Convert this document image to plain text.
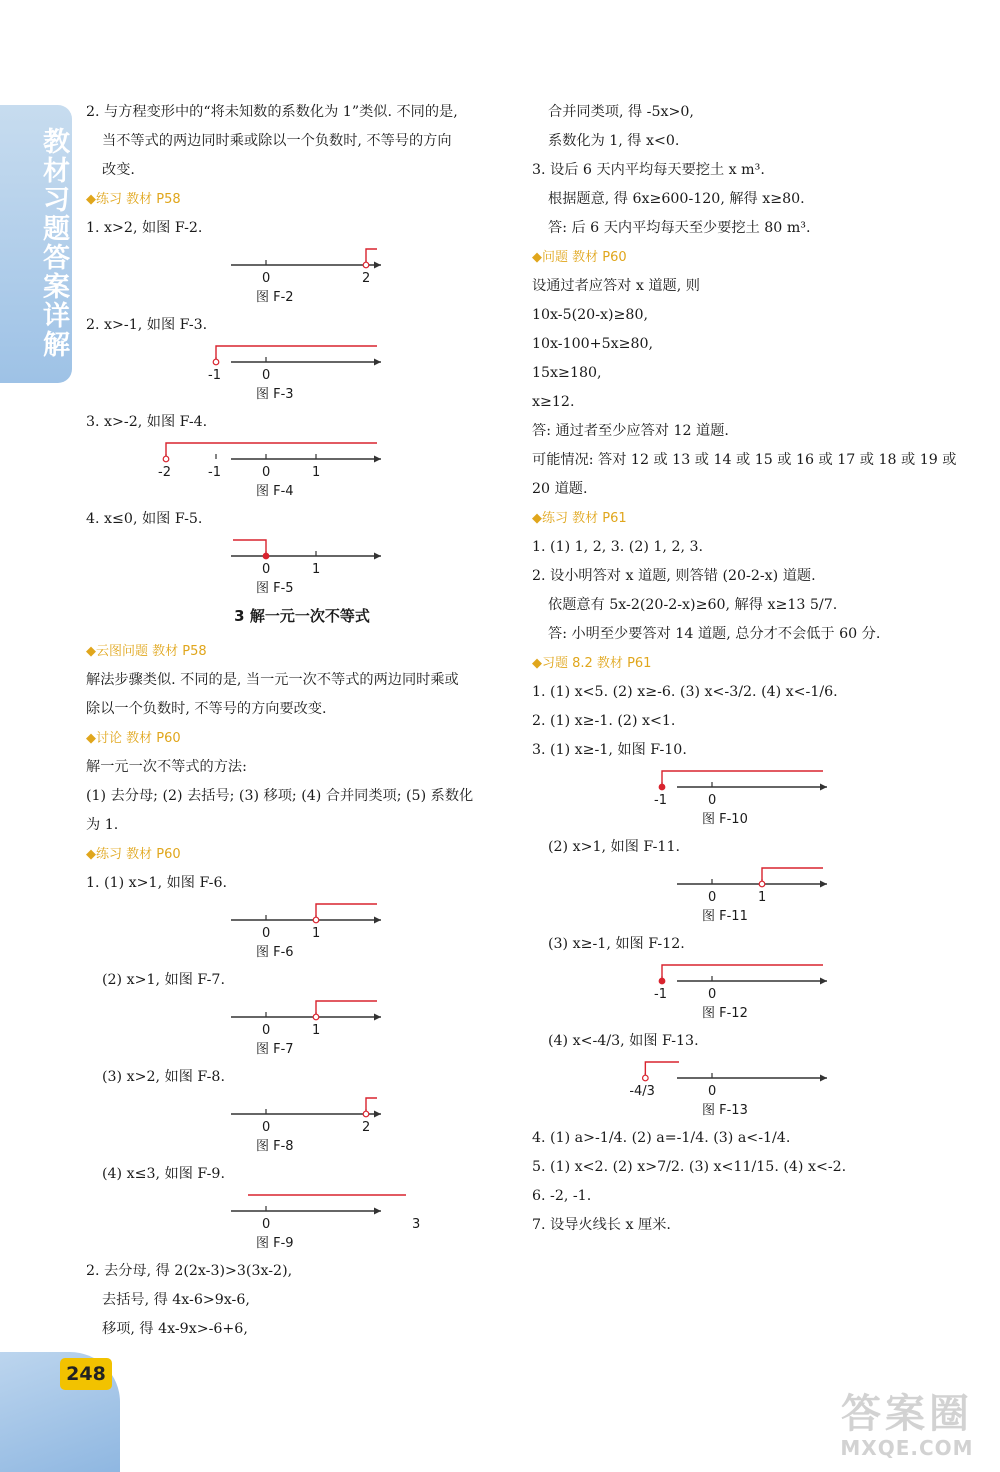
教材习题答案详解
248
答案圈
MXQE.COM
2. 与方程变形中的“将未知数的系数化为 1”类似. 不同的是,
当不等式的两边同时乘或除以一个负数时, 不等号的方向
改变.
◆练习 教材 P58
1. x>2, 如图 F-2.
0	2
图 F-2
2. x>-1, 如图 F-3.
-1	0
图 F-3
3. x>-2, 如图 F-4.
-2	-1	0	1
图 F-4
4. x≤0, 如图 F-5.
0	1
图 F-5
3 解一元一次不等式
◆云图问题 教材 P58
解法步骤类似. 不同的是, 当一元一次不等式的两边同时乘或
除以一个负数时, 不等号的方向要改变.
◆讨论 教材 P60
解一元一次不等式的方法:
(1) 去分母; (2) 去括号; (3) 移项; (4) 合并同类项; (5) 系数化
为 1.
◆练习 教材 P60
1. (1) x>1, 如图 F-6.
0	1
图 F-6
(2) x>1, 如图 F-7.
0	1
图 F-7
(3) x>2, 如图 F-8.
0	2
图 F-8
(4) x≤3, 如图 F-9.
0	3
图 F-9
2. 去分母, 得 2(2x-3)>3(3x-2),
去括号, 得 4x-6>9x-6,
移项, 得 4x-9x>-6+6,
合并同类项, 得 -5x>0,
系数化为 1, 得 x<0.
3. 设后 6 天内平均每天要挖土 x m³.
根据题意, 得 6x≥600-120, 解得 x≥80.
答: 后 6 天内平均每天至少要挖土 80 m³.
◆问题 教材 P60
设通过者应答对 x 道题, 则
10x-5(20-x)≥80,
10x-100+5x≥80,
15x≥180,
x≥12.
答: 通过者至少应答对 12 道题.
可能情况: 答对 12 或 13 或 14 或 15 或 16 或 17 或 18 或 19 或
20 道题.
◆练习 教材 P61
1. (1) 1, 2, 3. (2) 1, 2, 3.
2. 设小明答对 x 道题, 则答错 (20-2-x) 道题.
依题意有 5x-2(20-2-x)≥60, 解得 x≥13 5/7.
答: 小明至少要答对 14 道题, 总分才不会低于 60 分.
◆习题 8.2 教材 P61
1. (1) x<5. (2) x≥-6. (3) x<-3/2. (4) x<-1/6.
2. (1) x≥-1. (2) x<1.
3. (1) x≥-1, 如图 F-10.
-1	0
图 F-10
(2) x>1, 如图 F-11.
0	1
图 F-11
(3) x≥-1, 如图 F-12.
-1	0
图 F-12
(4) x<-4/3, 如图 F-13.
-4/3	0
图 F-13
4. (1) a>-1/4. (2) a=-1/4. (3) a<-1/4.
5. (1) x<2. (2) x>7/2. (3) x<11/15. (4) x<-2.
6. -2, -1.
7. 设导火线长 x 厘米.
